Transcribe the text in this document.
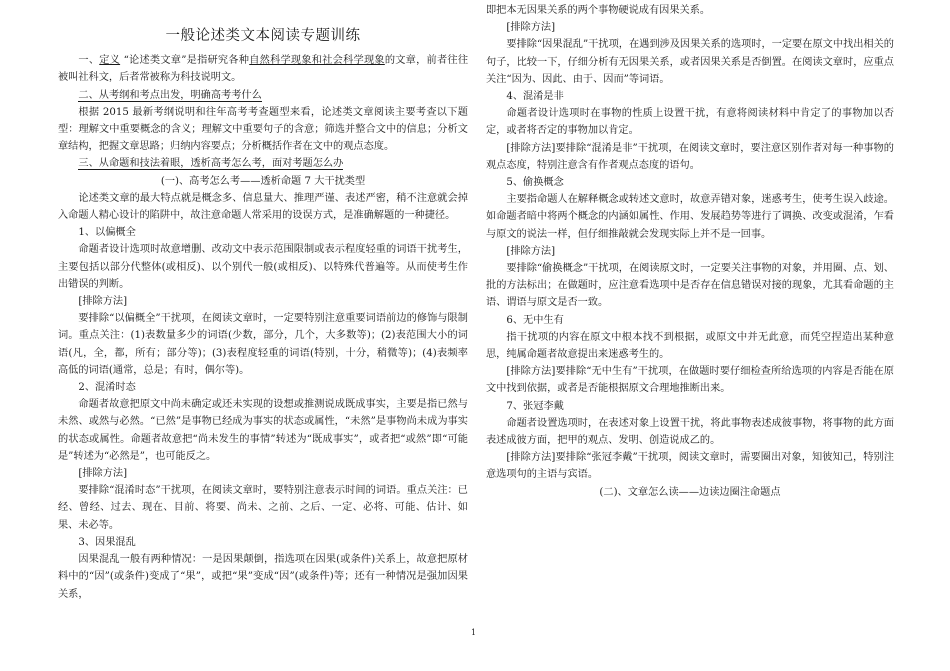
一般论述类文本阅读专题训练

一、定义 “论述类文章”是指研究各种自然科学现象和社会科学现象的文章，前者往往被叫社科文，后者常被称为科技说明文。

二、从考纲和考点出发，明确高考考什么

根据 2015 最新考纲说明和往年高考考查题型来看，论述类文章阅读主要考查以下题型：理解文中重要概念的含义；理解文中重要句子的含意；筛选并整合文中的信息；分析文章结构，把握文章思路；归纳内容要点；分析概括作者在文中的观点态度。

三、从命题和技法着眼，透析高考怎么考，面对考题怎么办

(一)、高考怎么考——透析命题 7 大干扰类型

论述类文章的最大特点就是概念多、信息量大、推理严谨、表述严密，稍不注意就会掉入命题人精心设计的陷阱中，故注意命题人常采用的设误方式，是准确解题的一种捷径。

1、以偏概全

命题者设计选项时故意增删、改动文中表示范围限制或表示程度轻重的词语干扰考生，主要包括以部分代整体(或相反)、以个别代一般(或相反)、以特殊代普遍等。从而使考生作出错误的判断。

[排除方法]

要排除“以偏概全”干扰项，在阅读文章时，一定要特别注意重要词语前边的修饰与限制词。重点关注：(1)表数量多少的词语(少数，部分，几个，大多数等)；(2)表范围大小的词语(凡，全，都，所有；部分等)；(3)表程度轻重的词语(特别，十分，稍微等)；(4)表频率高低的词语(通常，总是；有时，偶尔等)。

2、混淆时态

命题者故意把原文中尚未确定或还未实现的设想或推测说成既成事实，主要是指已然与未然、或然与必然。“已然”是事物已经成为事实的状态或属性，“未然”是事物尚未成为事实的状态或属性。命题者故意把“尚未发生的事情”转述为“既成事实”，或者把“或然”即“可能是”转述为“必然是”，也可能反之。

[排除方法]

要排除“混淆时态”干扰项，在阅读文章时，要特别注意表示时间的词语。重点关注：已经、曾经、过去、现在、目前、将要、尚未、之前、之后、一定、必将、可能、估计、如果、未必等。

3、因果混乱

因果混乱一般有两种情况：一是因果颠倒，指选项在因果(或条件)关系上，故意把原材料中的“因”(或条件)变成了“果”，或把“果”变成“因”(或条件)等；还有一种情况是强加因果关系，

即把本无因果关系的两个事物硬说成有因果关系。

[排除方法]

要排除“因果混乱”干扰项，在遇到涉及因果关系的选项时，一定要在原文中找出相关的句子，比较一下，仔细分析有无因果关系，或者因果关系是否倒置。在阅读文章时，应重点关注“因为、因此、由于、因而”等词语。

4、混淆是非

命题者设计选项时在事物的性质上设置干扰，有意将阅读材料中肯定了的事物加以否定，或者将否定的事物加以肯定。

[排除方法]要排除“混淆是非”干扰项，在阅读文章时，要注意区别作者对每一种事物的观点态度，特别注意含有作者观点态度的语句。

5、偷换概念

主要指命题人在解释概念或转述文意时，故意弄错对象，迷惑考生，使考生误入歧途。如命题者暗中将两个概念的内涵如属性、作用、发展趋势等进行了调换、改变或混淆，乍看与原文的说法一样，但仔细推敲就会发现实际上并不是一回事。

[排除方法]

要排除“偷换概念”干扰项，在阅读原文时，一定要关注事物的对象，并用圈、点、划、批的方法标出；在做题时，应注意看选项中是否存在信息错误对接的现象，尤其看命题的主语、谓语与原文是否一致。

6、无中生有

指干扰项的内容在原文中根本找不到根据，或原文中并无此意，而凭空捏造出某种意思，纯属命题者故意提出来迷惑考生的。

[排除方法]要排除“无中生有”干扰项，在做题时要仔细检查所给选项的内容是否能在原文中找到依据，或者是否能根据原文合理地推断出来。

7、张冠李戴

命题者设置选项时，在表述对象上设置干扰，将此事物表述成彼事物，将事物的此方面表述成彼方面，把甲的观点、发明、创造说成乙的。

[排除方法]要排除“张冠李戴”干扰项，阅读文章时，需要圈出对象，知彼知己，特别注意选项句的主语与宾语。

(二)、文章怎么读——边读边圈注命题点

1
